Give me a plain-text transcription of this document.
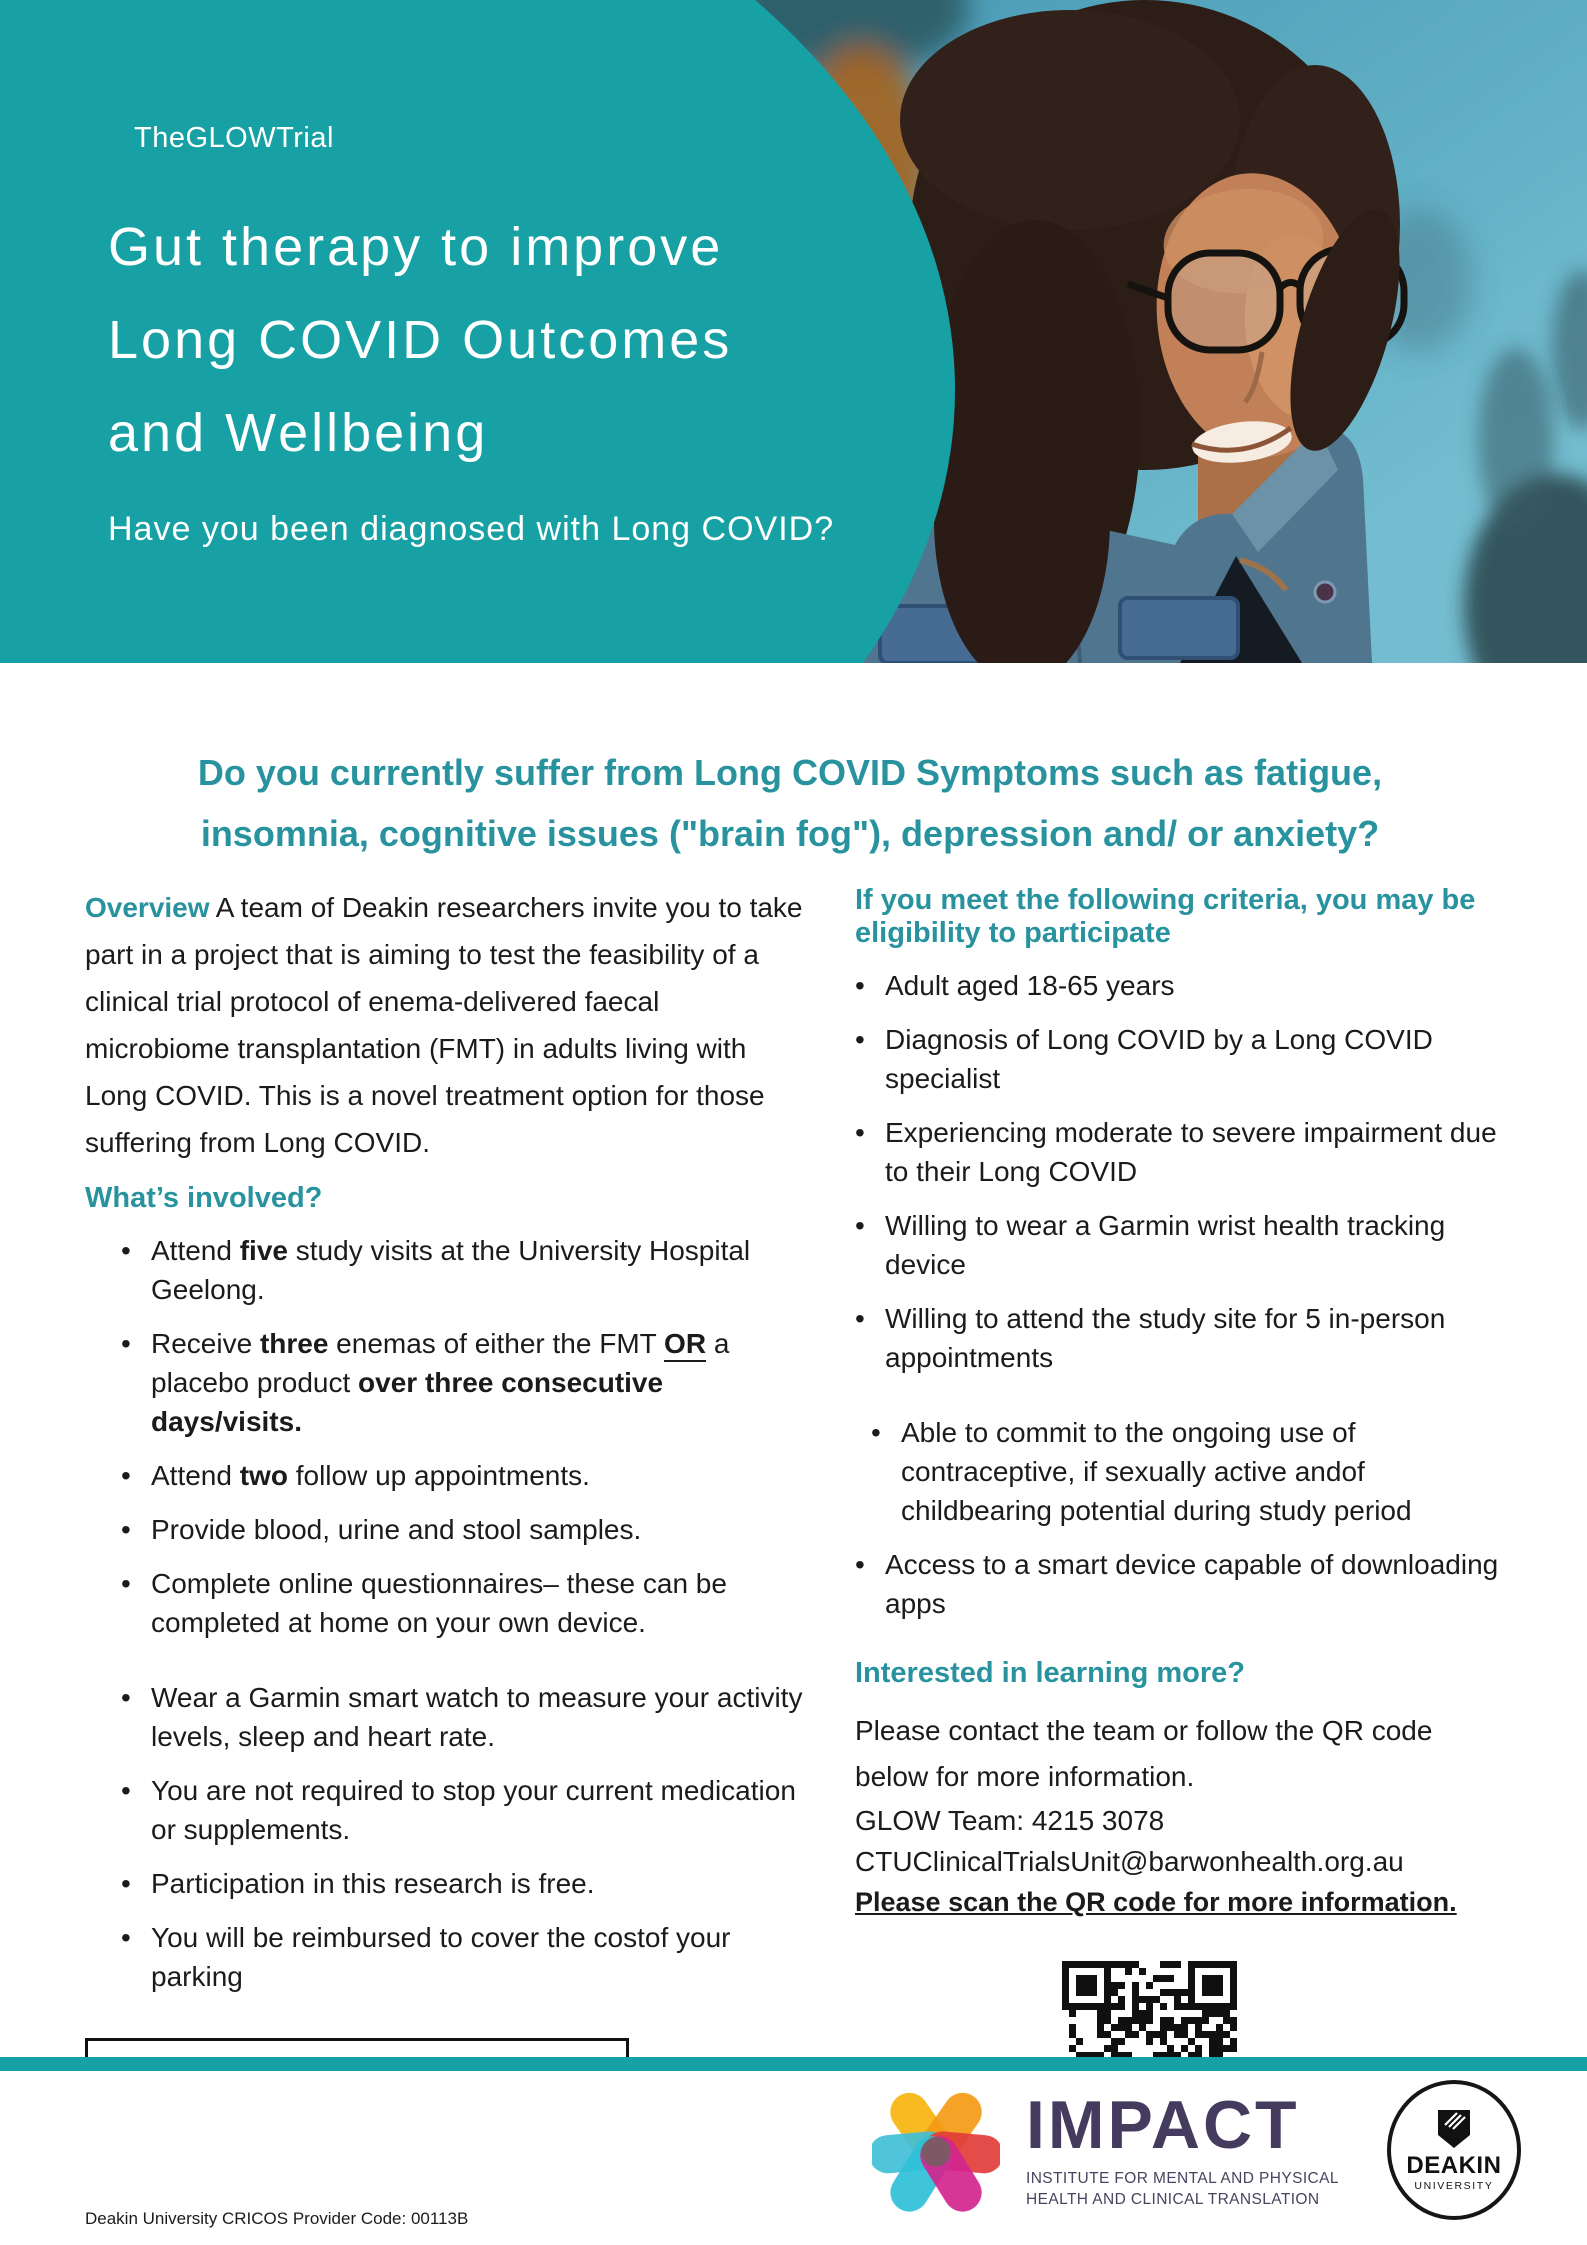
TheGLOWTrial
Gut therapy to improve
Long COVID Outcomes
and Wellbeing
Have you been diagnosed with Long COVID?
Do you currently suffer from Long COVID Symptoms such as fatigue,
insomnia, cognitive issues ("brain fog"), depression and/ or anxiety?
Overview A team of Deakin researchers invite you to take part in a project that is aiming to test the feasibility of a clinical trial protocol of enema-delivered faecal microbiome transplantation (FMT) in adults living with Long COVID. This is a novel treatment option for those suffering from Long COVID.
What’s involved?
• Attend five study visits at the University Hospital Geelong.
• Receive three enemas of either the FMT OR a placebo product over three consecutive days/visits.
• Attend two follow up appointments.
• Provide blood, urine and stool samples.
• Complete online questionnaires– these can be completed at home on your own device.
• Wear a Garmin smart watch to measure your activity levels, sleep and heart rate.
• You are not required to stop your current medication or supplements.
• Participation in this research is free.
• You will be reimbursed to cover the costof your parking
If you meet the following criteria, you may be eligibility to participate
• Adult aged 18-65 years
• Diagnosis of Long COVID by a Long COVID specialist
• Experiencing moderate to severe impairment due to their Long COVID
• Willing to wear a Garmin wrist health tracking device
• Willing to attend the study site for 5 in-person appointments
• Able to commit to the ongoing use of contraceptive, if sexually active andof childbearing potential during study period
• Access to a smart device capable of downloading apps
Interested in learning more?
Please contact the team or follow the QR code below for more information.
GLOW Team: 4215 3078
CTUClinicalTrialsUnit@barwonhealth.org.au
Please scan the QR code for more information.
IMPACT
INSTITUTE FOR MENTAL AND PHYSICAL
HEALTH AND CLINICAL TRANSLATION
DEAKIN
UNIVERSITY
Deakin University CRICOS Provider Code: 00113B
